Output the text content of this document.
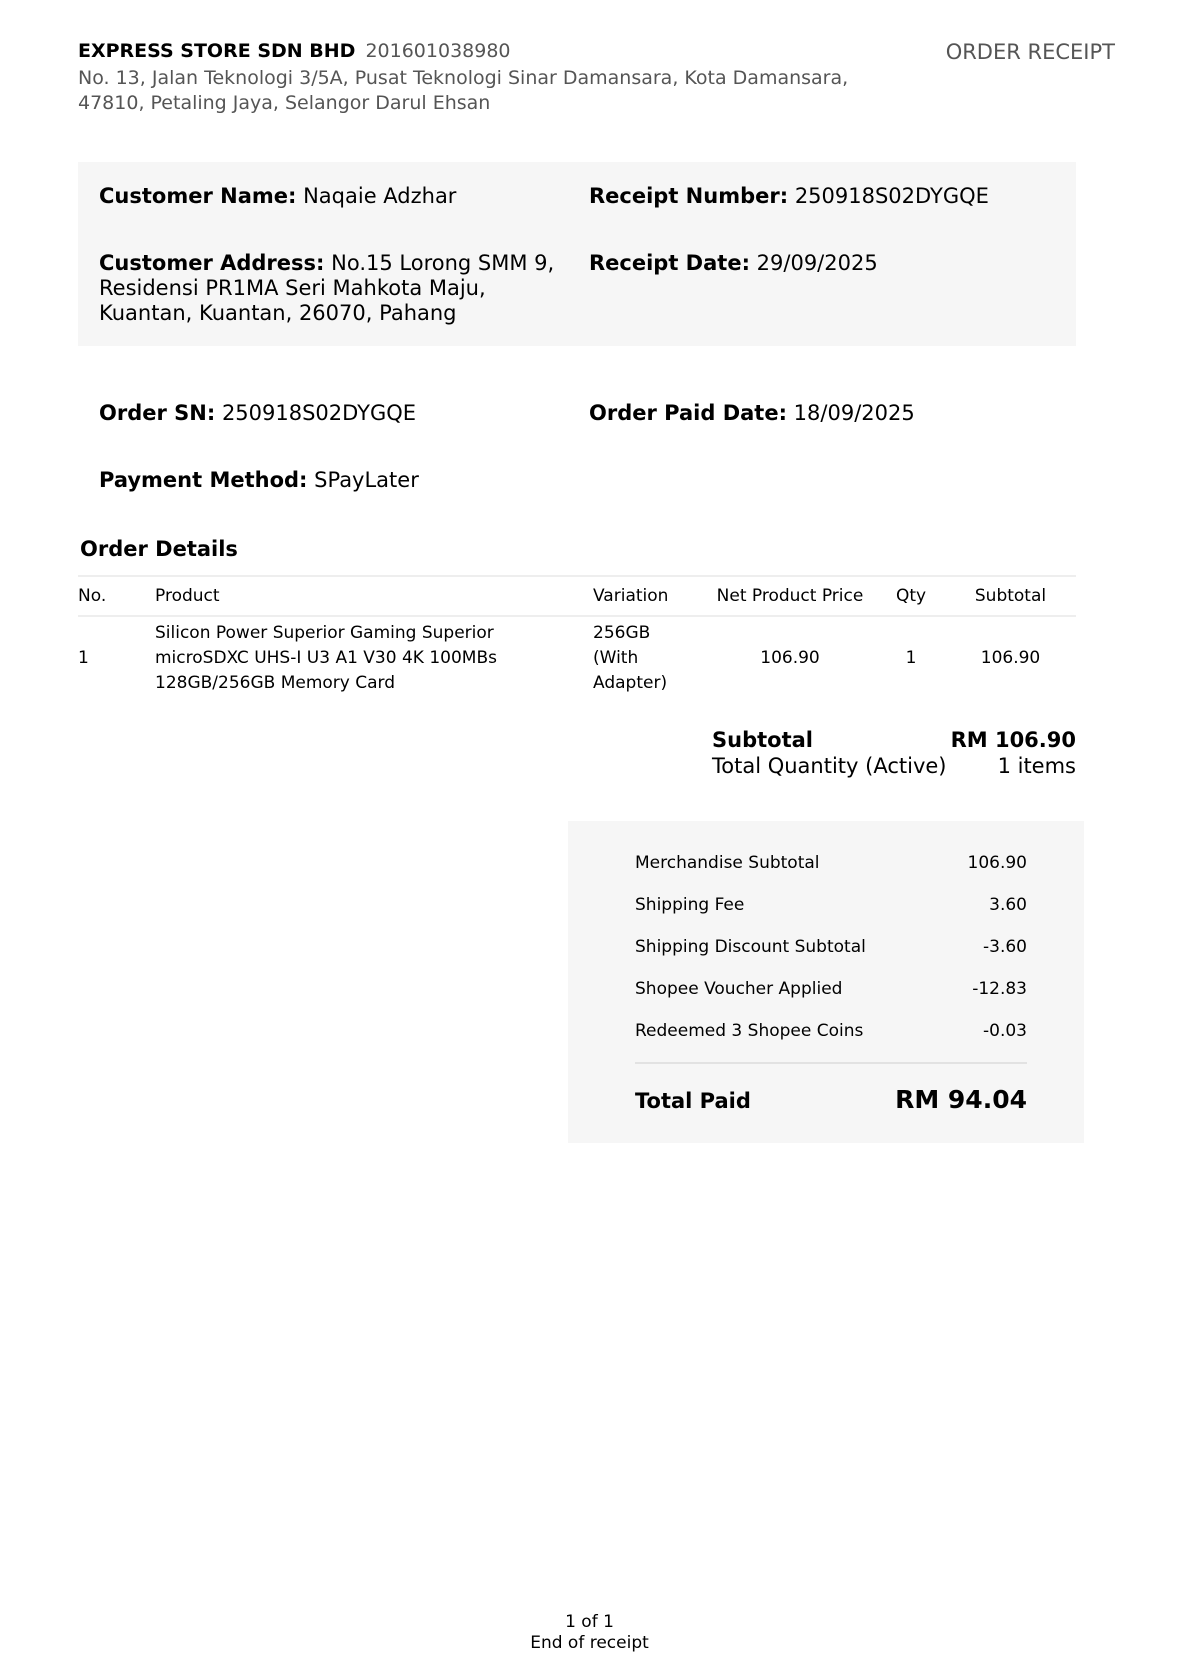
EXPRESS STORE SDN BHD 201601038980
No. 13, Jalan Teknologi 3/5A, Pusat Teknologi Sinar Damansara, Kota Damansara,
47810, Petaling Jaya, Selangor Darul Ehsan
ORDER RECEIPT
Customer Name: Naqaie Adzhar
Customer Address: No.15 Lorong SMM 9, Residensi PR1MA Seri Mahkota Maju, Kuantan, Kuantan, 26070, Pahang
Receipt Number: 250918S02DYGQE
Receipt Date: 29/09/2025
Order SN: 250918S02DYGQE	Order Paid Date: 18/09/2025
Payment Method: SPayLater
Order Details
No.	Product	Variation	Net Product Price	Qty	Subtotal
1	Silicon Power Superior Gaming Superior microSDXC UHS-I U3 A1 V30 4K 100MBs 128GB/256GB Memory Card	256GB (With Adapter)	106.90	1	106.90
Subtotal	RM 106.90
Total Quantity (Active) 1 items
Merchandise Subtotal	106.90
Shipping Fee	3.60
Shipping Discount Subtotal	-3.60
Shopee Voucher Applied	-12.83
Redeemed 3 Shopee Coins	-0.03
Total Paid	RM 94.04
1 of 1
End of receipt
